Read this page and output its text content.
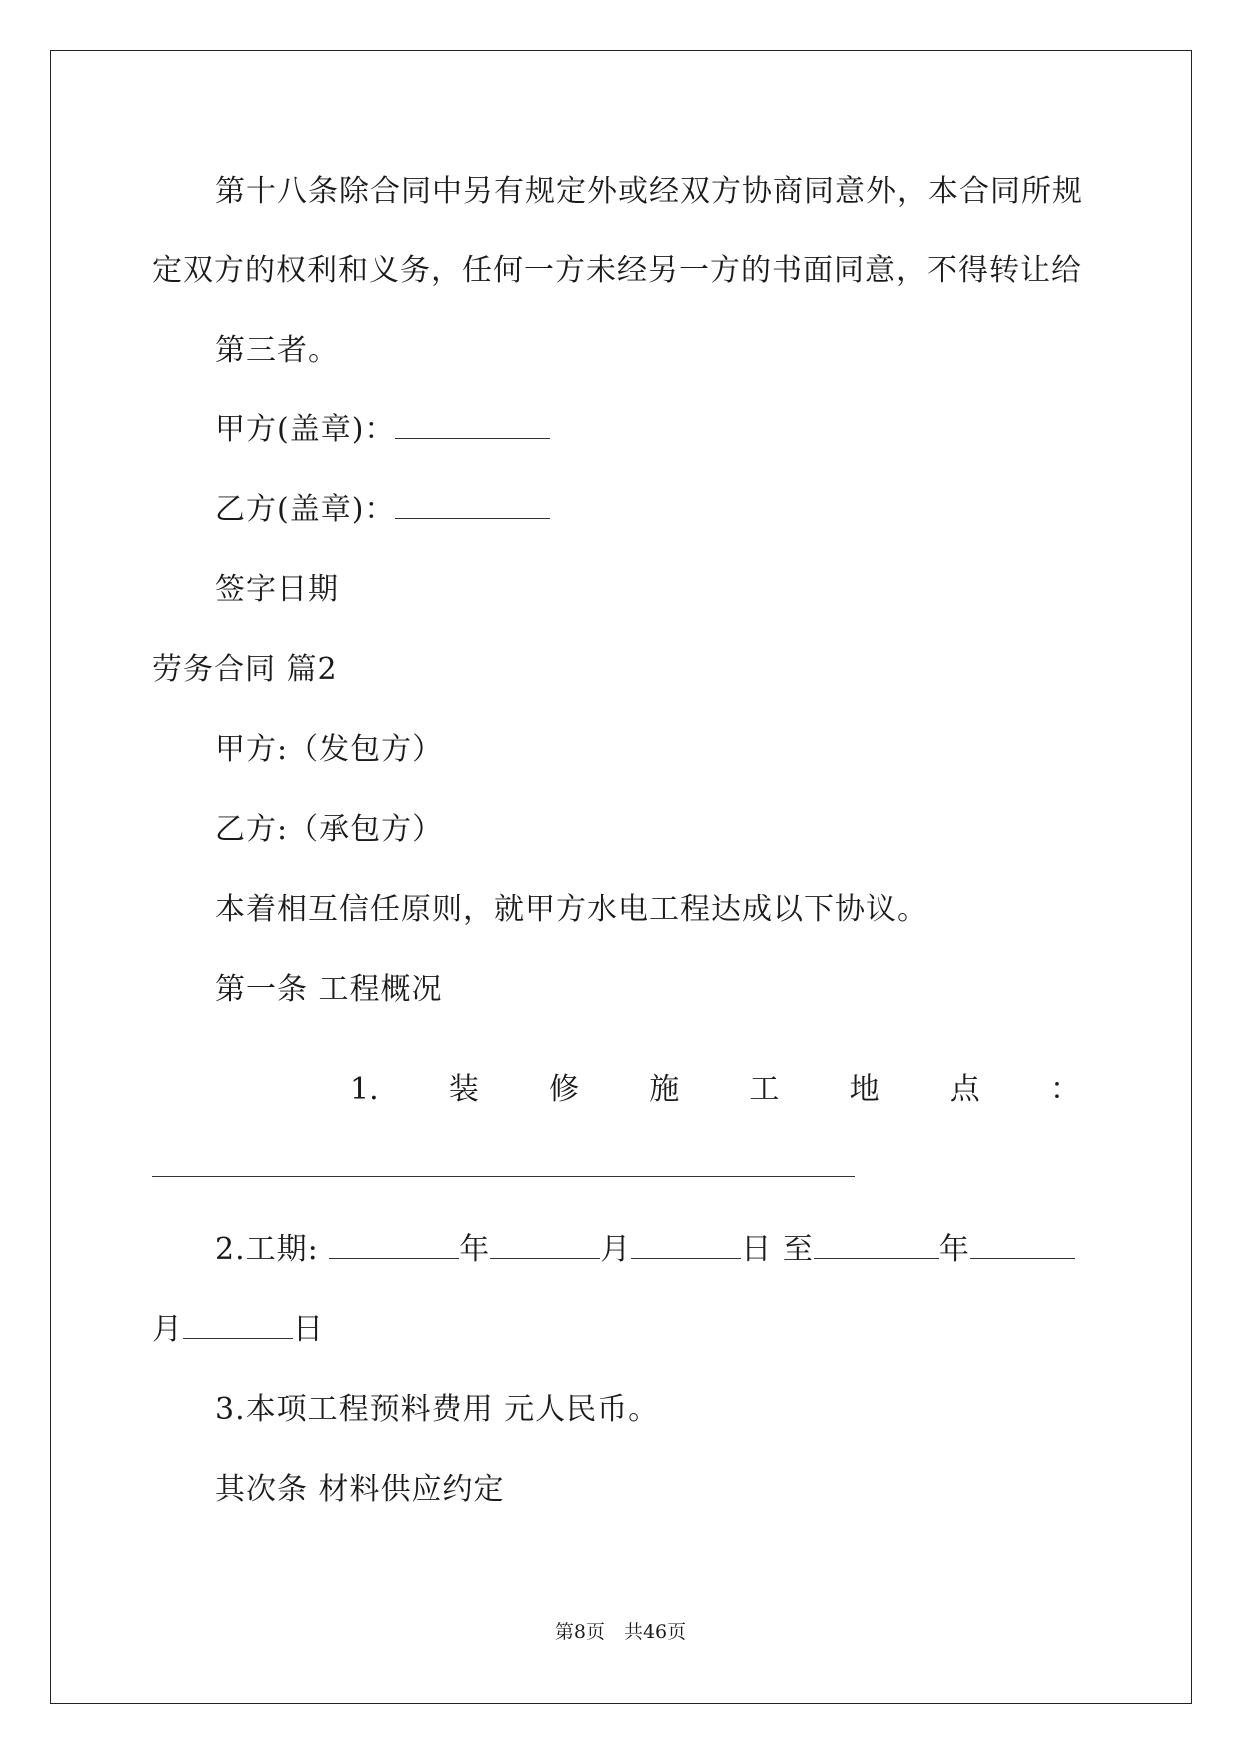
第十八条除合同中另有规定外或经双方协商同意外，本合同所规
定双方的权利和义务，任何一方未经另一方的书面同意，不得转让给
第三者。
甲方(盖章)：
乙方(盖章)：
签字日期
劳务合同 篇2
甲方:（发包方）
乙方:（承包方）
本着相互信任原则，就甲方水电工程达成以下协议。
第一条 工程概况
1. 装 修 施 工 地 点 ：
2.工期:	年	月	日 至	年
月	日
3.本项工程预料费用 元人民币。
其次条 材料供应约定
第8页　共46页
